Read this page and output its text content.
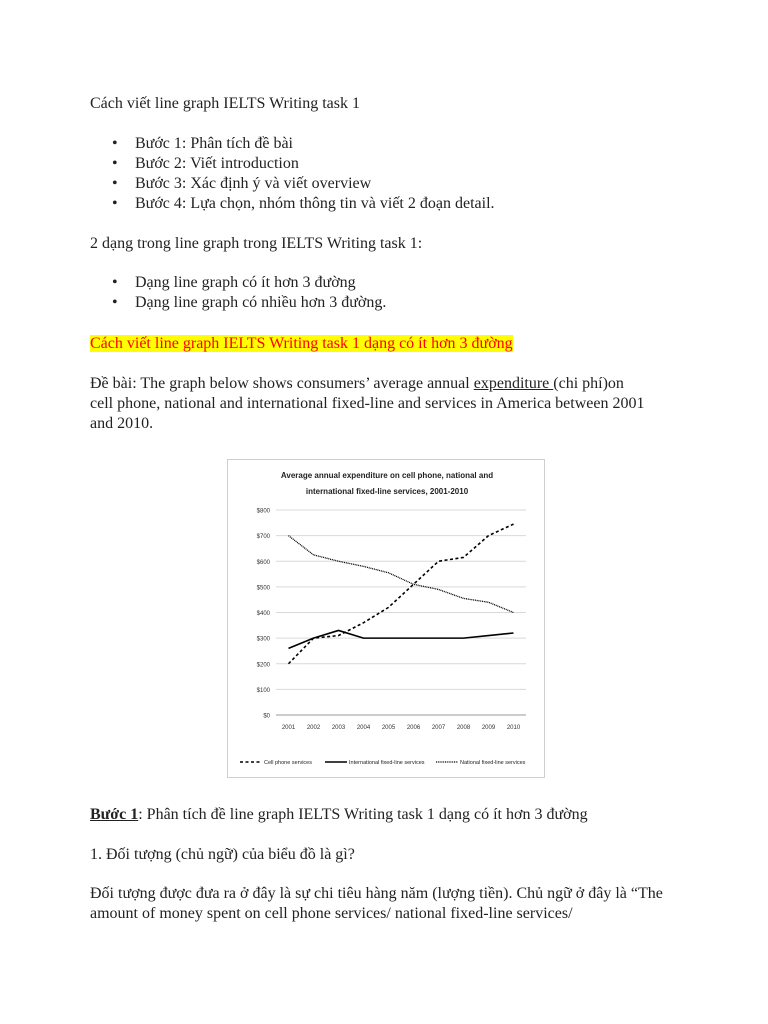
Cách viết line graph IELTS Writing task 1

• Bước 1: Phân tích đề bài
• Bước 2: Viết introduction
• Bước 3: Xác định ý và viết overview
• Bước 4: Lựa chọn, nhóm thông tin và viết 2 đoạn detail.

2 dạng trong line graph trong IELTS Writing task 1:

• Dạng line graph có ít hơn 3 đường
• Dạng line graph có nhiều hơn 3 đường.

Cách viết line graph IELTS Writing task 1 dạng có ít hơn 3 đường

Đề bài: The graph below shows consumers’ average annual expenditure (chi phí)on cell phone, national and international fixed-line and services in America between 2001 and 2010.

Average annual expenditure on cell phone, national and
international fixed-line services, 2001-2010
$0
$100
$200
$300
$400
$500
$600
$700
$800
2001 2002 2003 2004 2005 2006 2007 2008 2009 2010
Cell phone services	International fixed-line services	National fixed-line services

Bước 1: Phân tích đề line graph IELTS Writing task 1 dạng có ít hơn 3 đường

1. Đối tượng (chủ ngữ) của biểu đồ là gì?

Đối tượng được đưa ra ở đây là sự chi tiêu hàng năm (lượng tiền). Chủ ngữ ở đây là “The amount of money spent on cell phone services/ national fixed-line services/
